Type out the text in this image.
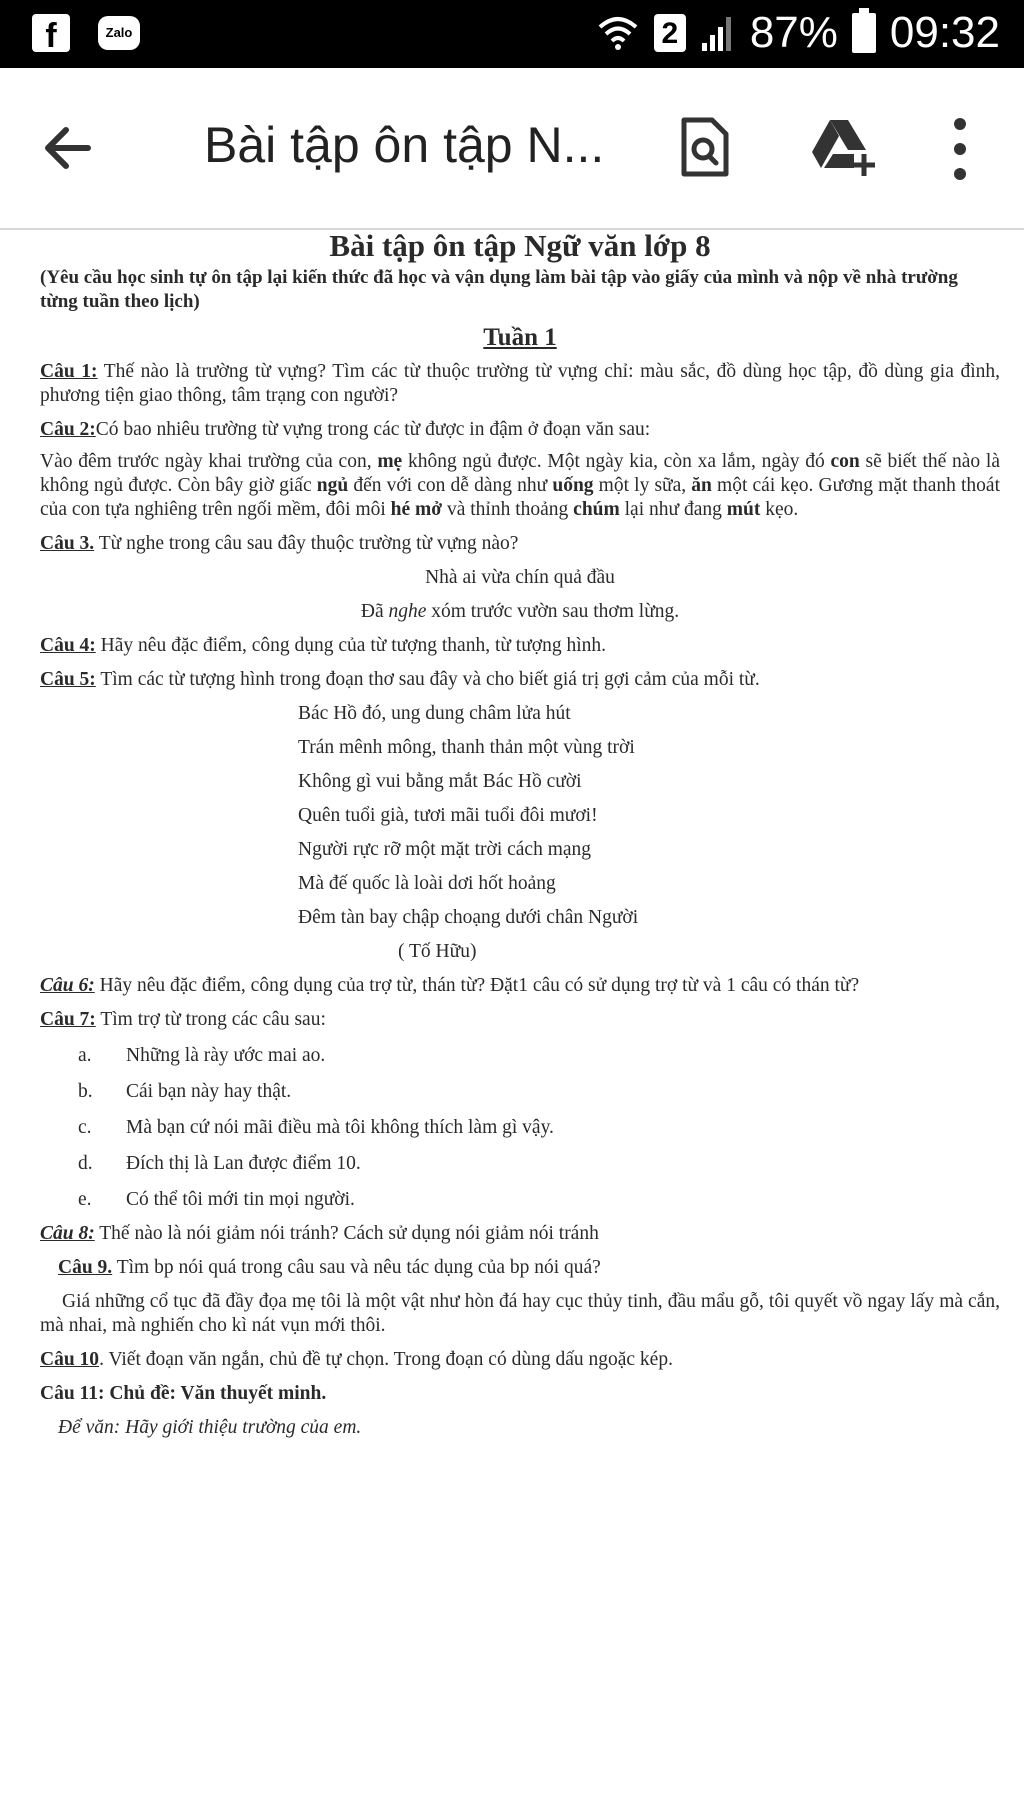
f	Zalo	2 87% 09:32
Bài tập ôn tập N...
Bài tập ôn tập Ngữ văn lớp 8
(Yêu cầu học sinh tự ôn tập lại kiến thức đã học và vận dụng làm bài tập vào giấy của mình và nộp về nhà trường từng tuần theo lịch)
Tuần 1
Câu 1: Thế nào là trường từ vựng? Tìm các từ thuộc trường từ vựng chỉ: màu sắc, đồ dùng học tập, đồ dùng gia đình, phương tiện giao thông, tâm trạng con người?
Câu 2:Có bao nhiêu trường từ vựng trong các từ được in đậm ở đoạn văn sau:
Vào đêm trước ngày khai trường của con, mẹ không ngủ được. Một ngày kia, còn xa lắm, ngày đó con sẽ biết thế nào là không ngủ được. Còn bây giờ giấc ngủ đến với con dễ dàng như uống một ly sữa, ăn một cái kẹo. Gương mặt thanh thoát của con tựa nghiêng trên ngối mềm, đôi môi hé mở và thỉnh thoảng chúm lại như đang mút kẹo.
Câu 3. Từ nghe trong câu sau đây thuộc trường từ vựng nào?
Nhà ai vừa chín quả đầu
Đã nghe xóm trước vườn sau thơm lừng.
Câu 4: Hãy nêu đặc điểm, công dụng của từ tượng thanh, từ tượng hình.
Câu 5: Tìm các từ tượng hình trong đoạn thơ sau đây và cho biết giá trị gợi cảm của mỗi từ.
Bác Hồ đó, ung dung châm lửa hút
Trán mênh mông, thanh thản một vùng trời
Không gì vui bằng mắt Bác Hồ cười
Quên tuổi già, tươi mãi tuổi đôi mươi!
Người rực rỡ một mặt trời cách mạng
Mà đế quốc là loài dơi hốt hoảng
Đêm tàn bay chập choạng dưới chân Người
( Tố Hữu)
Câu 6: Hãy nêu đặc điểm, công dụng của trợ từ, thán từ? Đặt1 câu có sử dụng trợ từ và 1 câu có thán từ?
Câu 7: Tìm trợ từ trong các câu sau:
a.	Những là rày ước mai ao.
b.	Cái bạn này hay thật.
c.	Mà bạn cứ nói mãi điều mà tôi không thích làm gì vậy.
d.	Đích thị là Lan được điểm 10.
e.	Có thể tôi mới tin mọi người.
Câu 8: Thế nào là nói giảm nói tránh? Cách sử dụng nói giảm nói tránh
Câu 9. Tìm bp nói quá trong câu sau và nêu tác dụng của bp nói quá?
Giá những cổ tục đã đầy đọa mẹ tôi là một vật như hòn đá hay cục thủy tinh, đầu mẩu gỗ, tôi quyết vồ ngay lấy mà cắn, mà nhai, mà nghiến cho kì nát vụn mới thôi.
Câu 10. Viết đoạn văn ngắn, chủ đề tự chọn. Trong đoạn có dùng dấu ngoặc kép.
Câu 11: Chủ đề: Văn thuyết minh.
Để văn: Hãy giới thiệu trường của em.
